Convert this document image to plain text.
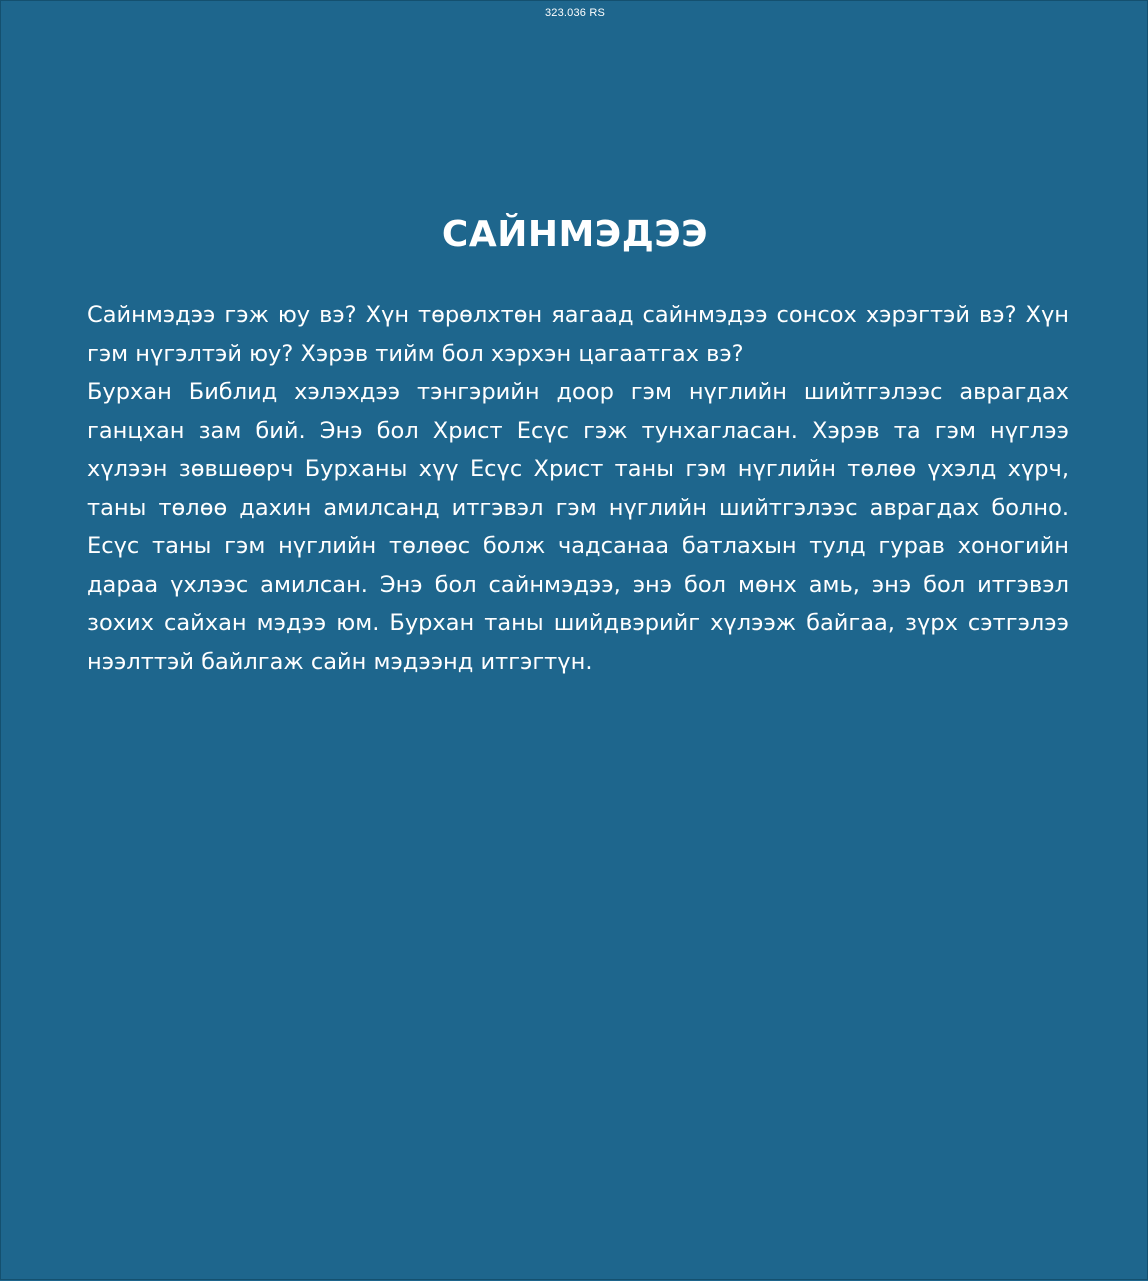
323.036 RS
САЙНМЭДЭЭ

Сайнмэдээ гэж юу вэ? Хүн төрөлхтөн яагаад сайнмэдээ сонсох хэрэгтэй вэ? Хүн гэм нүгэлтэй юу? Хэрэв тийм бол хэрхэн цагаатгах вэ?

Бурхан Библид хэлэхдээ тэнгэрийн доор гэм нүглийн шийтгэлээс аврагдах ганцхан зам бий. Энэ бол Христ Есүс гэж тунхагласан. Хэрэв та гэм нүглээ хүлээн зөвшөөрч Бурханы хүү Есүс Христ таны гэм нүглийн төлөө үхэлд хүрч, таны төлөө дахин амилсанд итгэвэл гэм нүглийн шийтгэлээс аврагдах болно. Есүс таны гэм нүглийн төлөөс болж чадсанаа батлахын тулд гурав хоногийн дараа үхлээс амилсан. Энэ бол сайнмэдээ, энэ бол мөнх амь, энэ бол итгэвэл зохих сайхан мэдээ юм. Бурхан таны шийдвэрийг хүлээж байгаа, зүрх сэтгэлээ нээлттэй байлгаж сайн мэдээнд итгэгтүн.
